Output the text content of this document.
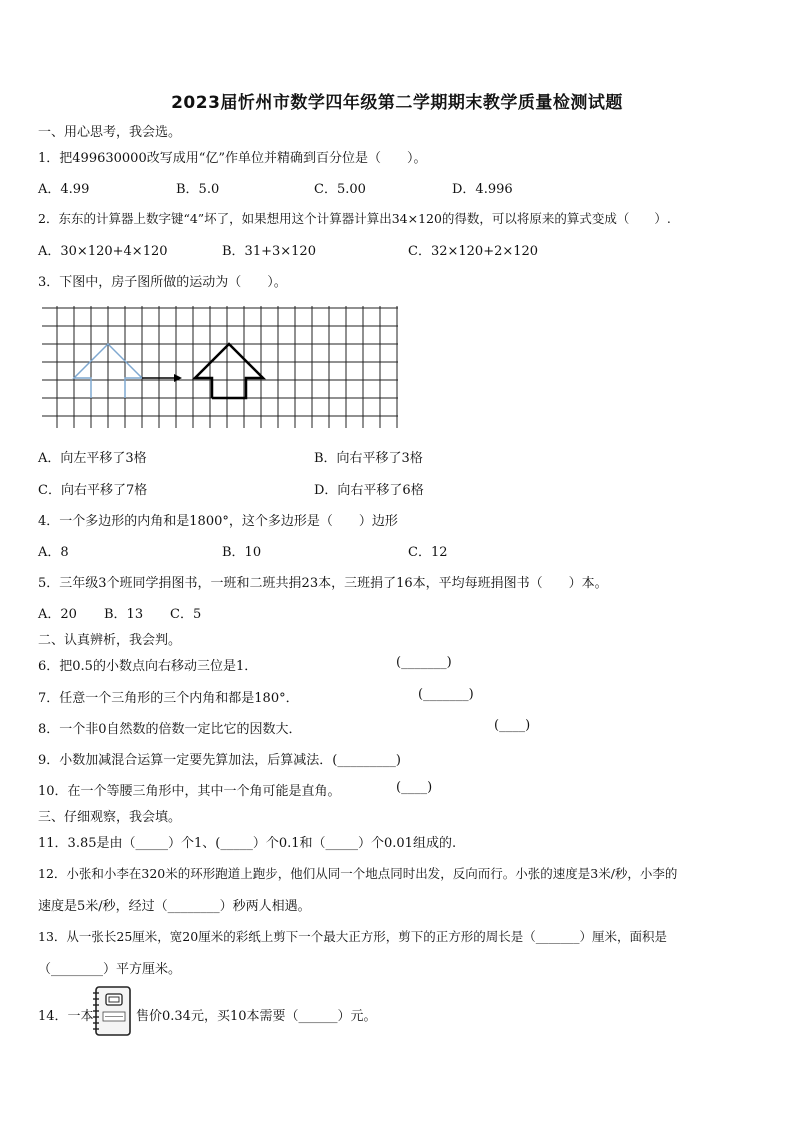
2023届忻州市数学四年级第二学期期末教学质量检测试题
一、用心思考，我会选。
1．把499630000改写成用“亿”作单位并精确到百分位是（　　）。
A．4.99	B．5.0	C．5.00	D．4.996
2．东东的计算器上数字键“4”坏了，如果想用这个计算器计算出34×120的得数，可以将原来的算式变成（　　）.
A．30×120+4×120	B．31+3×120	C．32×120+2×120
3．下图中，房子图所做的运动为（　　）。
A．向左平移了3格	B．向右平移了3格
C．向右平移了7格	D．向右平移了6格
4．一个多边形的内角和是1800°，这个多边形是（　　）边形
A．8	B．10	C．12
5．三年级3个班同学捐图书，一班和二班共捐23本，三班捐了16本，平均每班捐图书（　　）本。
A．20 B．13 C．5
二、认真辨析，我会判。
6．把0.5的小数点向右移动三位是1．	(_______)
7．任意一个三角形的三个内角和都是180°．	(_______)
8．一个非0自然数的倍数一定比它的因数大．	(____)
9．小数加减混合运算一定要先算加法，后算减法．(_________)
10．在一个等腰三角形中，其中一个角可能是直角。	(____)
三、仔细观察，我会填。
11．3.85是由（_____）个1、(_____）个0.1和（_____）个0.01组成的.
12．小张和小李在320米的环形跑道上跑步，他们从同一个地点同时出发，反向而行。小张的速度是3米/秒，小李的
速度是5米/秒，经过（________）秒两人相遇。
13．从一张长25厘米，宽20厘米的彩纸上剪下一个最大正方形，剪下的正方形的周长是（_______）厘米，面积是
（________）平方厘米。
14．一本	售价0.34元，买10本需要（______）元。
